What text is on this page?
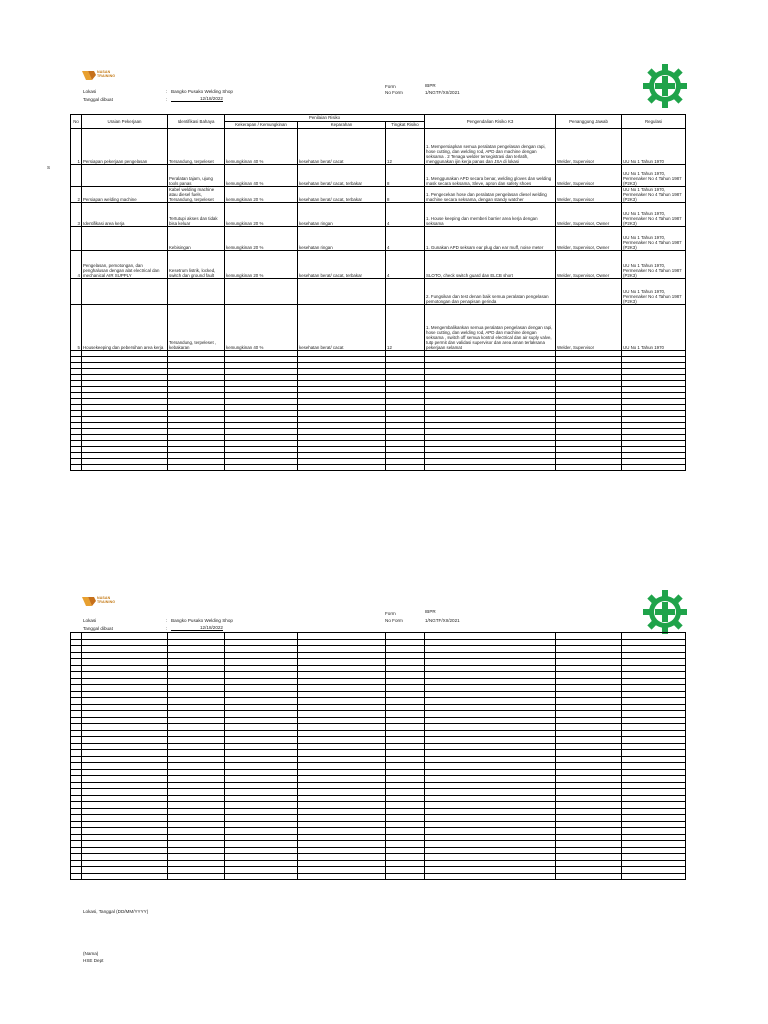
NASAN
TRAINING
Lokasi	: Bangko Pusako Welding Shop
Tanggal dibuat	:	12/18/2022
Form	IBPR
No Form	1/NGTF/XII/2021
S
No	Uraian Pekerjaan	Identifikasi Bahaya	Penilaian Risiko			Pengendalian Risiko K3	Penanggung Jawab	Regulasi
			Kekerapan / Kemungkinan	Keparahan	Tingkat Risiko			
1	Persiapan pekerjaan pengelasan	Tersandung, terpeleset	kemungkinan 40 %	kesehatan berat/ cacat	12	1. Mempersiapkan semua peralatan pengelasan dengan rapi, hose cutting, dan welding rod, APD dan machine dengan seksama . 2 Tenaga welder tersegistrasi dan terlatih, menggunakan ijin kerja panas dan JSA di lokasi	Welder, Supervisor	UU No 1 Tahun 1970
		Peralatan tajam, ujung tools panas	kemungkinan 40 %	kesehatan berat/ cacat, terbakar	8	1. Menggunakan APD secara benar, welding gloves dan welding mask secara seksama, Sleve, apron dan safety shoes	Welder, Supervisor	UU No 1 Tahun 1970, Permenaker No 4 Tahun 1987 (P2K3)
2	Persiapan welding machine	Kabel welding machine atau diesel fuels, Tersandung, terpeleset	kemungkinan 20 %	kesehatan berat/ cacat, terbakar	8	1. Pengecekan hose dan peralatan pengelasan diesel welding machine secara seksama, dengan standy watcher	Welder, Supervisor	UU No 1 Tahun 1970, Permenaker No 4 Tahun 1987 (P2K3)
3	Identifikasi area kerja	Tertutupi akses dan tidak bisa keluar	kemungkinan 20 %	kesehatan ringan	4	1. House keeping dan memberi barrier area kerja dengan seksama	Welder, Supervisor, Owner	UU No 1 Tahun 1970, Permenaker No 4 Tahun 1987 (P2K3)
		Kebisingan	kemungkinan 20 %	kesehatan ringan	4	1. Gunakan APD seksam ear plug dan ear muff, noise meter	Welder, Supervisor, Owner	UU No 1 Tahun 1970, Permenaker No 4 Tahun 1987 (P2K3)
4	Pengelasan, pemotongan, dan penghalusan dengan alat electrical dan mechanical AIR SUPPLY	Kesetrum listrik, locked, switch dan ground fault	kemungkinan 20 %	kesehatan berat/ cacat, terbakar	4	SLOTO, check switch guard dan ELCB short	Welder, Supervisor, Owner	UU No 1 Tahun 1970, Permenaker No 4 Tahun 1987 (P2K3)
						2. Fungsikan dan test denan baik semua peralatan pengelasan pemotongan dan penapisan gerinda		UU No 1 Tahun 1970, Permenaker No 4 Tahun 1987 (P2K3)
5	Housekeeping dan pebersihan area kerja	Tersandung, terpeleset , kebakaran	kemungkinan 40 %	kesehatan berat/ cacat	12	1. Mengembalikankan semua peralatan pengelasan dengan rapi, hose cutting, dan welding rod, APD dan machine dengan seksama , switch off semua kontrol electrical dan air suply valve, tutp permit dan validasi supervisor dan area aman terlaksana pekerjaan selamat	Welder, Supervisor	UU No 1 Tahun 1970

NASAN
TRAINING
Lokasi	: Bangko Pusako Welding Shop
Tanggal dibuat	:	12/18/2022
Form	IBPR
No Form	1/NGTF/XII/2021

Lokasi, Tanggal (DD/MM/YYYY)
(Nama)
HSE Dept
